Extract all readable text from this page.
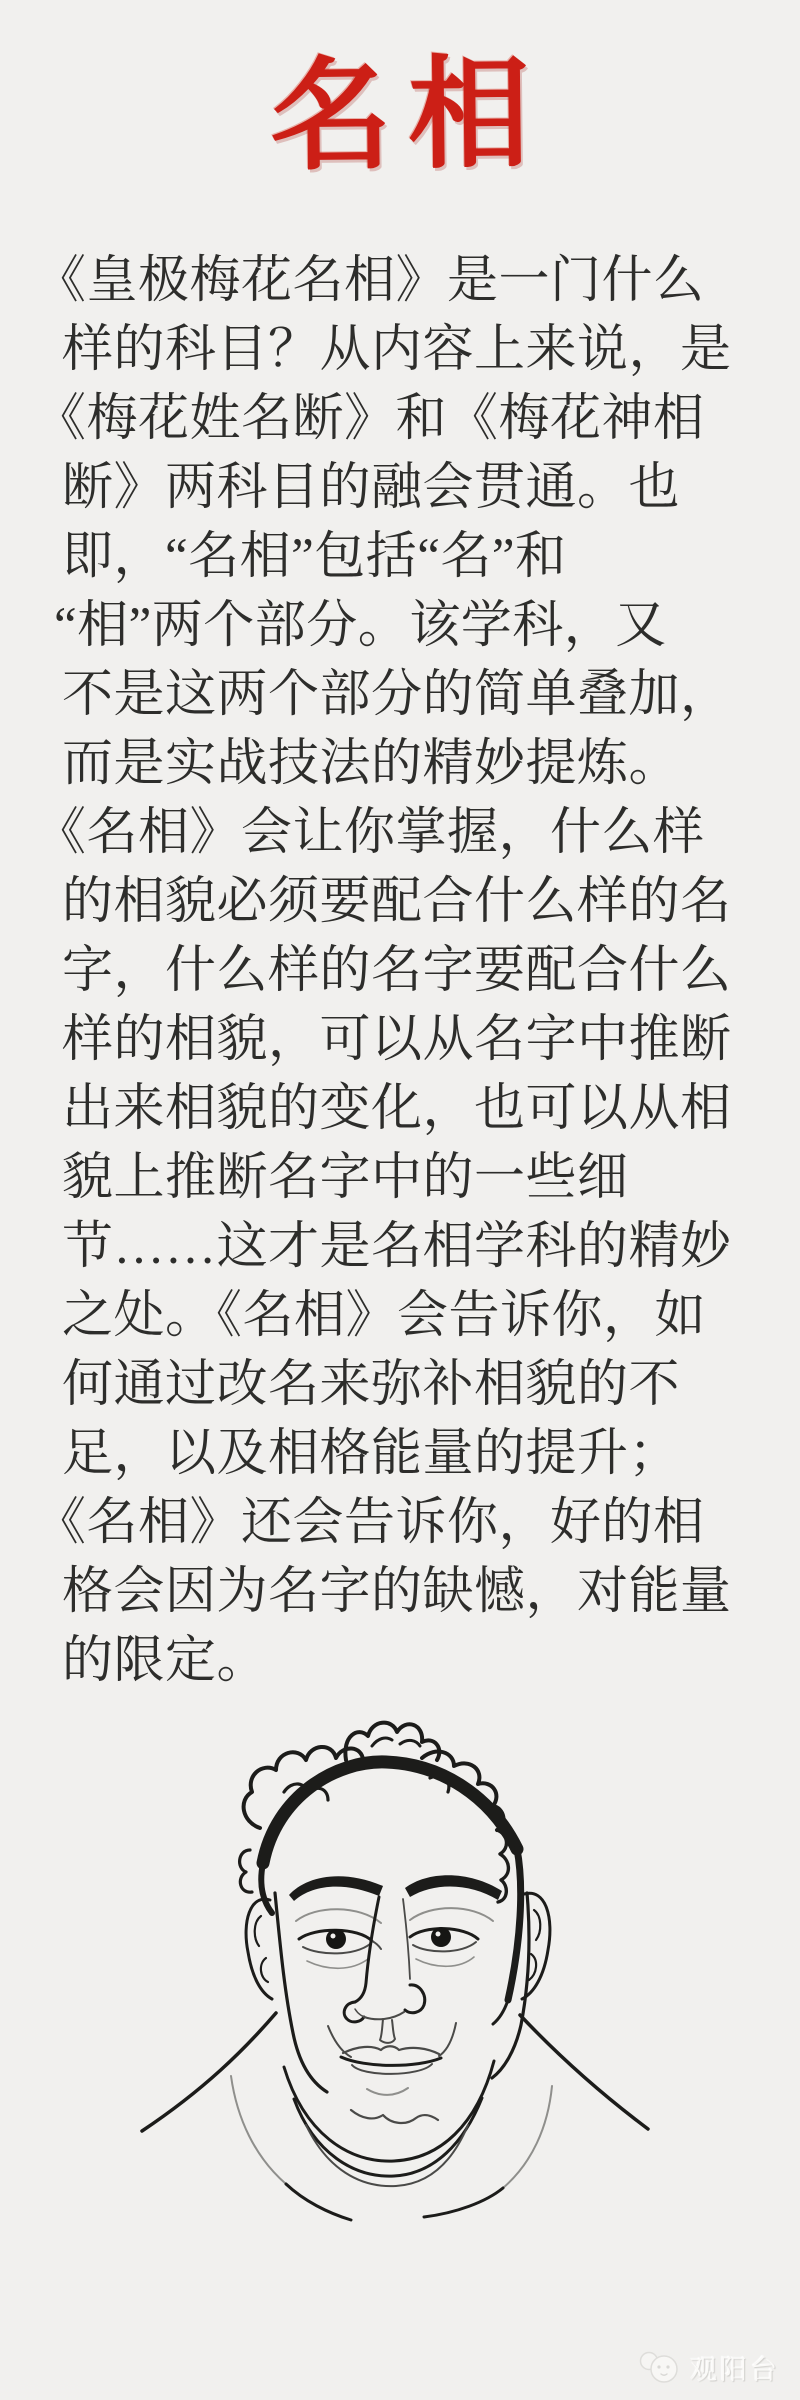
名相
《皇极梅花名相》是一门什么
样的科目？从内容上来说，是
《梅花姓名断》和《梅花神相
断》两科目的融会贯通。也
即，“名相”包括“名”和
“相”两个部分。该学科，又
不是这两个部分的简单叠加，
而是实战技法的精妙提炼。
《名相》会让你掌握，什么样
的相貌必须要配合什么样的名
字，什么样的名字要配合什么
样的相貌，可以从名字中推断
出来相貌的变化，也可以从相
貌上推断名字中的一些细
节……这才是名相学科的精妙
之处。《名相》会告诉你，如
何通过改名来弥补相貌的不
足，以及相格能量的提升；
《名相》还会告诉你，好的相
格会因为名字的缺憾，对能量
的限定。
观阳台
